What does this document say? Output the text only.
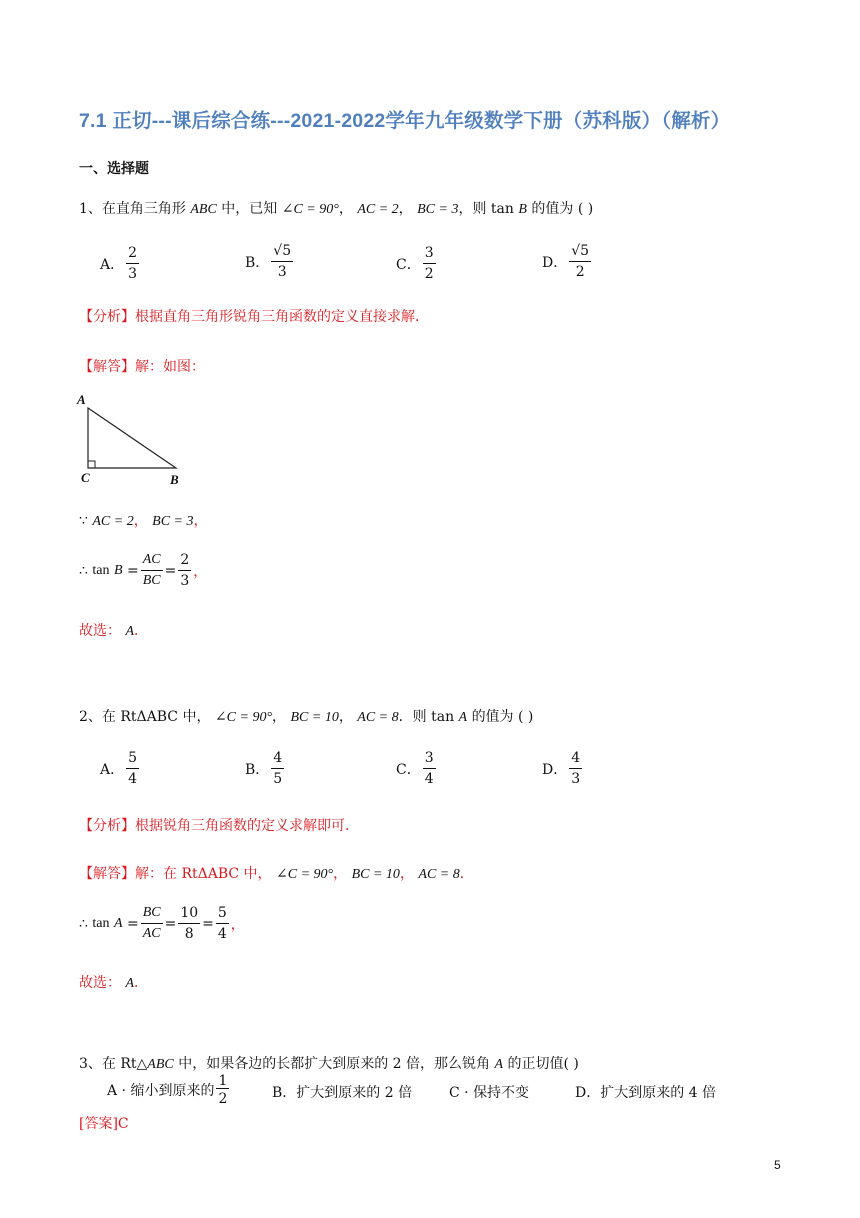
7.1 正切---课后综合练---2021-2022学年九年级数学下册（苏科版）（解析）
一、选择题
1、在直角三角形 ABC 中，已知 ∠C = 90°， AC = 2， BC = 3，则 tan B 的值为 ( )
A． $\frac{2}{3}$	B． $\frac{√5}{3}$	C． $\frac{3}{2}$	D． $\frac{√5}{2}$
【分析】根据直角三角形锐角三角函数的定义直接求解．
【解答】解：如图：
A
C	B
∵ AC = 2， BC = 3，
∴
tan
$B = \frac{AC}{BC} = \frac{2}{3}$ ，
故选： A．
2、在 RtΔABC 中， ∠C = 90°， BC = 10， AC = 8．则 tan A 的值为 ( )
A． $\frac{5}{4}$	B． $\frac{4}{5}$	C． $\frac{3}{4}$	D． $\frac{4}{3}$
【分析】根据锐角三角函数的定义求解即可．
【解答】解：在 RtΔABC 中， ∠C = 90°， BC = 10， AC = 8．
∴
tan
$A = \frac{BC}{AC} = \frac{10}{8} = \frac{5}{4}$ ，
故选： A．
3、在 Rt△ABC 中，如果各边的长都扩大到原来的 2 倍，那么锐角 A 的正切值( )
A · 缩小到原来的 $\frac{1}{2}$	B．扩大到原来的 2 倍	C · 保持不变	D．扩大到原来的 4 倍
[答案]C
5
